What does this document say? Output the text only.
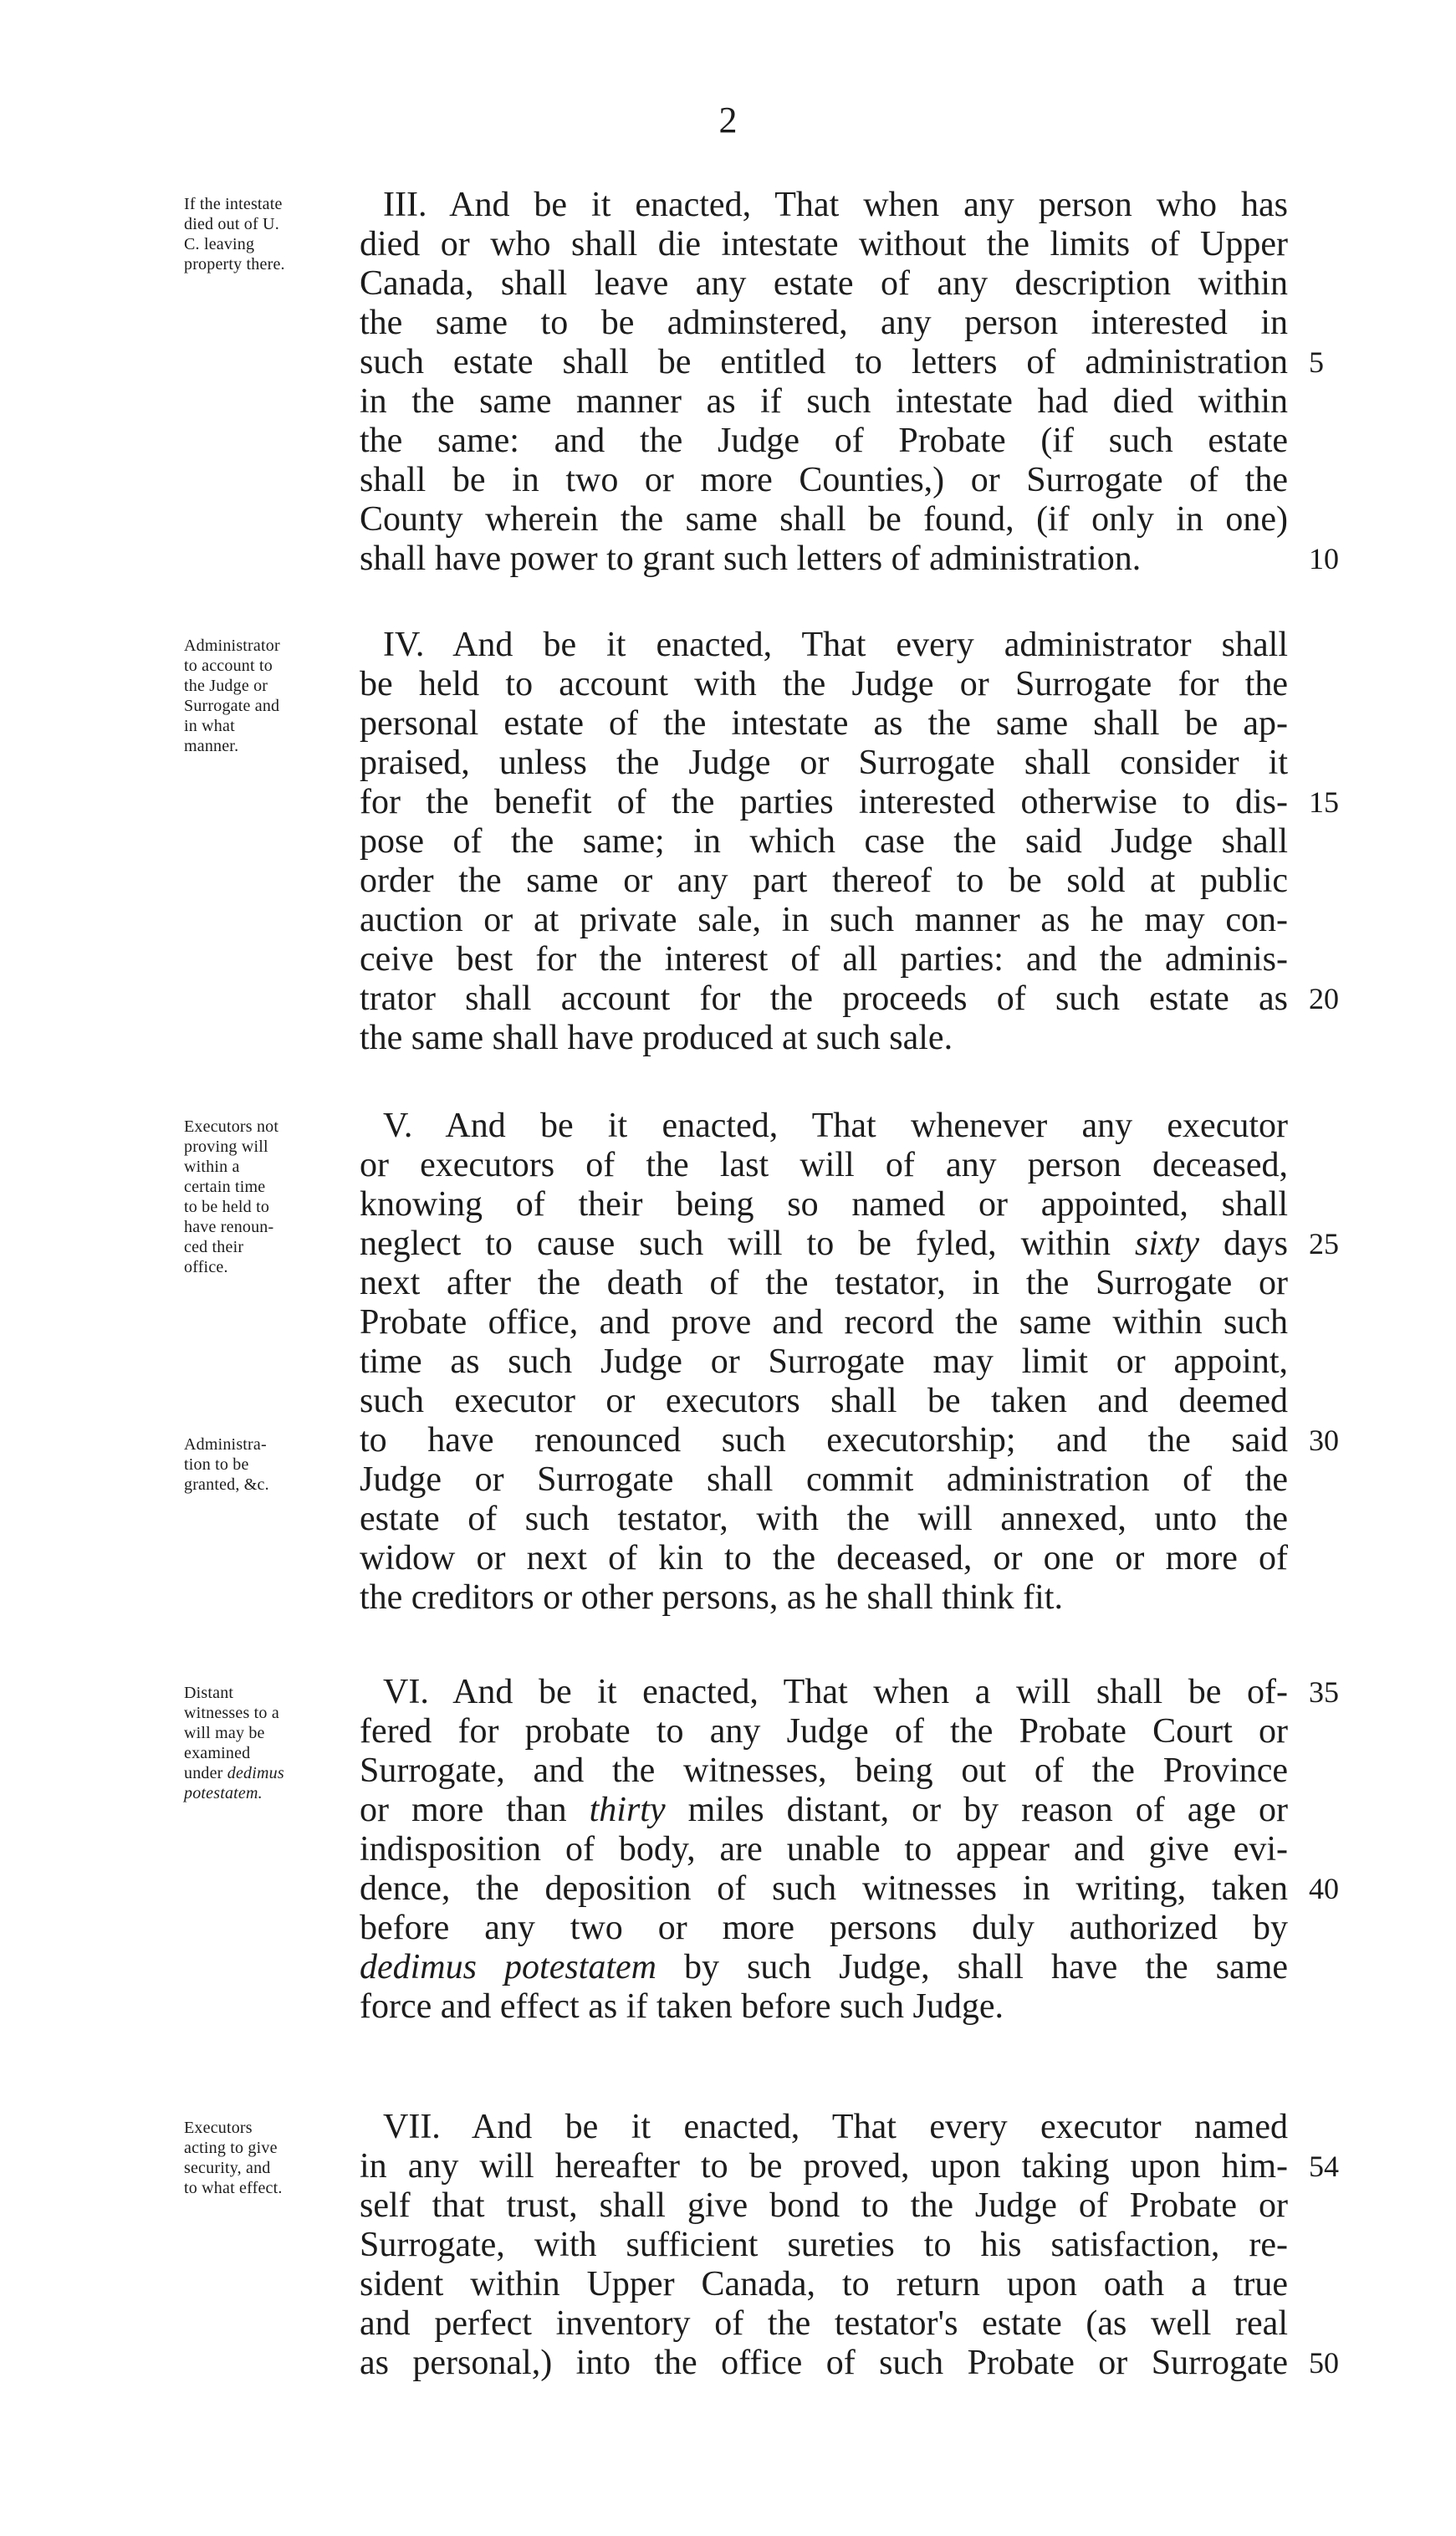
2
If the intestate
died out of U.
C. leaving
property there.
III. And be it enacted, That when any person who has
died or who shall die intestate without the limits of Upper
Canada, shall leave any estate of any description within
the same to be adminstered, any person interested in
such estate shall be entitled to letters of administration
in the same manner as if such intestate had died within
the same: and the Judge of Probate (if such estate
shall be in two or more Counties,) or Surrogate of the
County wherein the same shall be found, (if only in one)
shall have power to grant such letters of administration.
5
10
Administrator
to account to
the Judge or
Surrogate and
in what
manner.
IV. And be it enacted, That every administrator shall
be held to account with the Judge or Surrogate for the
personal estate of the intestate as the same shall be ap-
praised, unless the Judge or Surrogate shall consider it
for the benefit of the parties interested otherwise to dis-
pose of the same; in which case the said Judge shall
order the same or any part thereof to be sold at public
auction or at private sale, in such manner as he may con-
ceive best for the interest of all parties: and the adminis-
trator shall account for the proceeds of such estate as
the same shall have produced at such sale.
15
20
Executors not
proving will
within a
certain time
to be held to
have renoun-
ced their
office.
Administra-
tion to be
granted, &c.
V. And be it enacted, That whenever any executor
or executors of the last will of any person deceased,
knowing of their being so named or appointed, shall
neglect to cause such will to be fyled, within sixty days
next after the death of the testator, in the Surrogate or
Probate office, and prove and record the same within such
time as such Judge or Surrogate may limit or appoint,
such executor or executors shall be taken and deemed
to have renounced such executorship; and the said
Judge or Surrogate shall commit administration of the
estate of such testator, with the will annexed, unto the
widow or next of kin to the deceased, or one or more of
the creditors or other persons, as he shall think fit.
25
30
Distant
witnesses to a
will may be
examined
under dedimus
potestatem.
VI. And be it enacted, That when a will shall be of-
fered for probate to any Judge of the Probate Court or
Surrogate, and the witnesses, being out of the Province
or more than thirty miles distant, or by reason of age or
indisposition of body, are unable to appear and give evi-
dence, the deposition of such witnesses in writing, taken
before any two or more persons duly authorized by
dedimus potestatem by such Judge, shall have the same
force and effect as if taken before such Judge.
35
40
Executors
acting to give
security, and
to what effect.
VII. And be it enacted, That every executor named
in any will hereafter to be proved, upon taking upon him-
self that trust, shall give bond to the Judge of Probate or
Surrogate, with sufficient sureties to his satisfaction, re-
sident within Upper Canada, to return upon oath a true
and perfect inventory of the testator's estate (as well real
as personal,) into the office of such Probate or Surrogate
54
50
